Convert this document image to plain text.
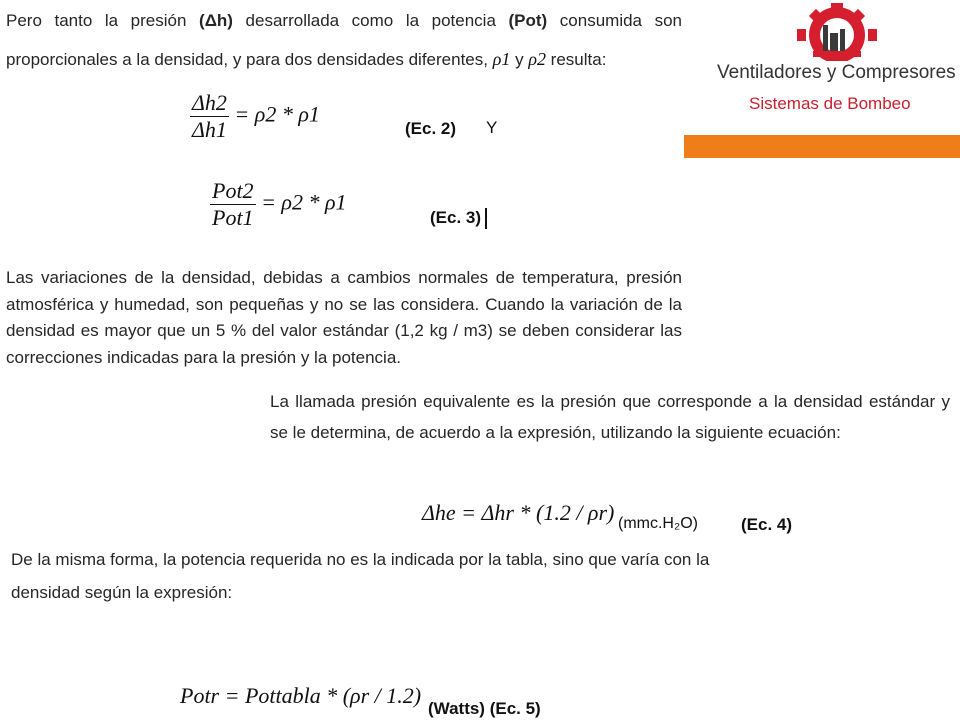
Ventiladores y Compresores
Sistemas de Bombeo
Pero tanto la presión (Δh) desarrollada como la potencia (Pot) consumida son proporcionales a la densidad, y para dos densidades diferentes, ρ1 y ρ2 resulta:
$\frac{\Delta h2}{\Delta h1} = \rho 2 * \rho 1$
(Ec. 2) Y
$\frac{\text{Pot2}}{\text{Pot1}} = \rho 2 * \rho 1$
(Ec. 3)
Las variaciones de la densidad, debidas a cambios normales de temperatura, presión atmosférica y humedad, son pequeñas y no se las considera. Cuando la variación de la densidad es mayor que un 5 % del valor estándar (1,2 kg / m3) se deben considerar las correcciones indicadas para la presión y la potencia.
La llamada presión equivalente es la presión que corresponde a la densidad estándar y se le determina, de acuerdo a la expresión, utilizando la siguiente ecuación:
Δhe = Δhr * (1.2 / ρr) (mmc.H₂O)	(Ec. 4)
De la misma forma, la potencia requerida no es la indicada por la tabla, sino que varía con la densidad según la expresión:
Potr = Pottabla * (ρr / 1.2)
(Watts) (Ec. 5)
